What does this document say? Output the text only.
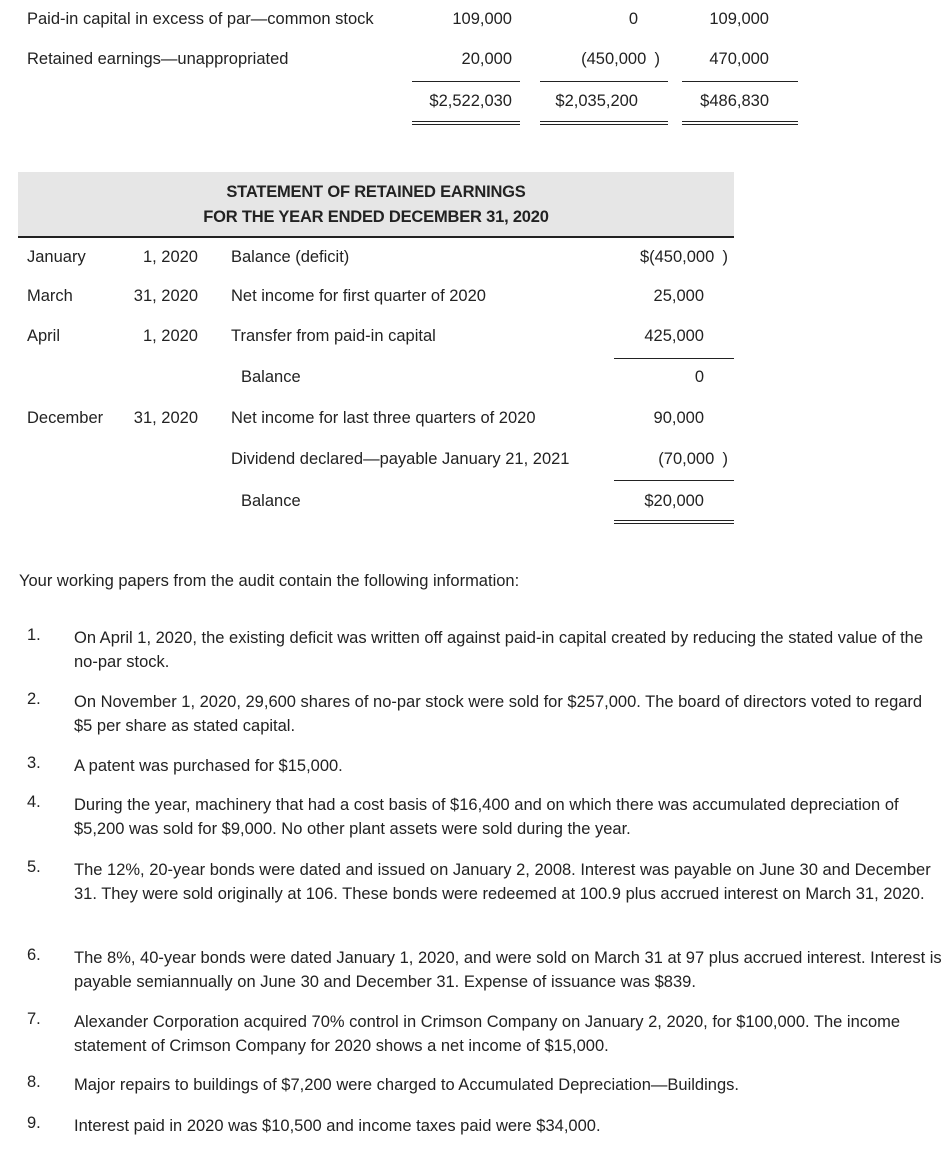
Paid-in capital in excess of par—common stock	109,000	0	109,000
Retained earnings—unappropriated	20,000	(450,000 )	470,000
$2,522,030	$2,035,200	$486,830
STATEMENT OF RETAINED EARNINGS
FOR THE YEAR ENDED DECEMBER 31, 2020
January	1, 2020 Balance (deficit)	$(450,000 )
March	31, 2020 Net income for first quarter of 2020	25,000
April	1, 2020 Transfer from paid-in capital	425,000
Balance	0
December	31, 2020 Net income for last three quarters of 2020	90,000
Dividend declared—payable January 21, 2021	(70,000 )
Balance	$20,000
Your working papers from the audit contain the following information:
1. On April 1, 2020, the existing deficit was written off against paid-in capital created by reducing the stated value of the no-par stock.
2. On November 1, 2020, 29,600 shares of no-par stock were sold for $257,000. The board of directors voted to regard $5 per share as stated capital.
3. A patent was purchased for $15,000.
4. During the year, machinery that had a cost basis of $16,400 and on which there was accumulated depreciation of $5,200 was sold for $9,000. No other plant assets were sold during the year.
5. The 12%, 20-year bonds were dated and issued on January 2, 2008. Interest was payable on June 30 and December 31. They were sold originally at 106. These bonds were redeemed at 100.9 plus accrued interest on March 31, 2020.
6. The 8%, 40-year bonds were dated January 1, 2020, and were sold on March 31 at 97 plus accrued interest. Interest is payable semiannually on June 30 and December 31. Expense of issuance was $839.
7. Alexander Corporation acquired 70% control in Crimson Company on January 2, 2020, for $100,000. The income statement of Crimson Company for 2020 shows a net income of $15,000.
8. Major repairs to buildings of $7,200 were charged to Accumulated Depreciation—Buildings.
9. Interest paid in 2020 was $10,500 and income taxes paid were $34,000.
